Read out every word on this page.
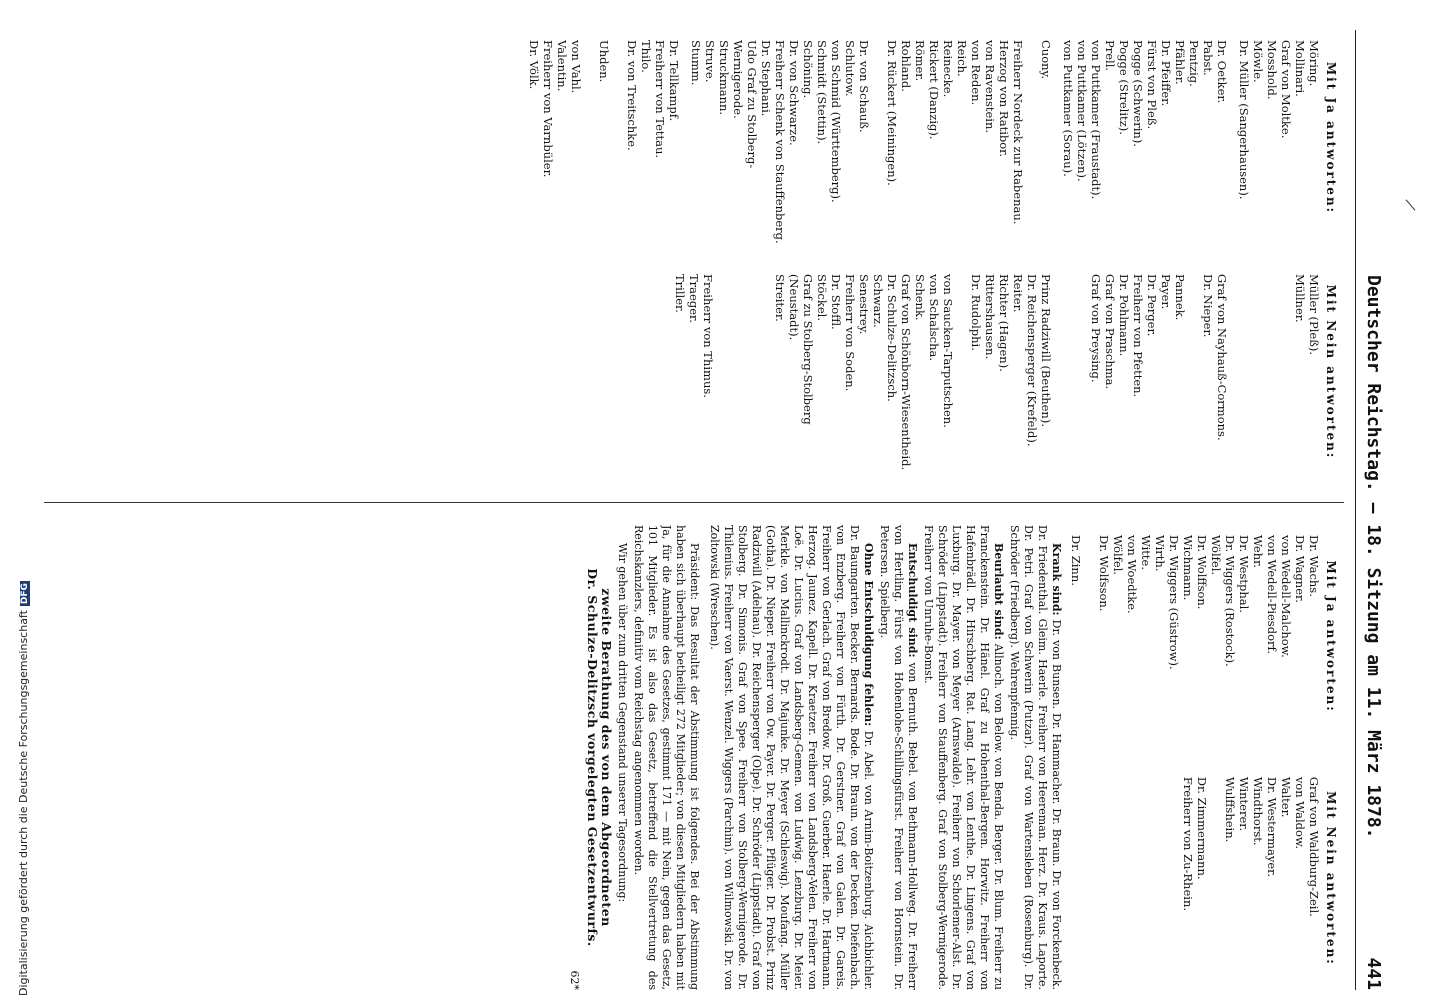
Deutscher Reichstag. — 18. Sitzung am 11. März 1878.
441
Mit Ja antworten:
Möring.
Mollinari.
Graf von Moltke.
Mosshold.
Möwle.
Dr. Müller (Sangerhausen).
Dr. Oetker.
Pabst.
Pentzig.
Pfähler.
Dr. Pfeiffer.
Fürst von Pleß.
Pogge (Schwerin).
Pogge (Strelitz).
Prell.
von Puttkamer (Fraustadt).
von Puttkamer (Lötzen).
von Puttkamer (Sorau).
Cuony.
Freiherr Nordeck zur Rabenau.
Herzog von Ratibor.
von Ravenstein.
von Reden.
Reich.
Reinecke.
Rickert (Danzig).
Römer.
Rohland.
Dr. Rückert (Meiningen).
Dr. von Schauß.
Schlutow.
von Schmid (Württemberg).
Schmidt (Stettin).
Schöning.
Dr. von Schwarze.
Freiherr Schenk von Stauffenberg.
Dr. Stephani.
Udo Graf zu Stolberg-Wernigerode.
Struckmann.
Struve.
Stumm.
Dr. Tellkampf.
Freiherr von Tettau.
Thilo.
Dr. von Treitschke.
Uhden.
von Vahl.
Valentin.
Freiherr von Varnbüler.
Dr. Völk.
Mit Nein antworten:
Müller (Pleß).
Müllner.
Graf von Nayhauß-Cormons.
Dr. Nieper.
Pannek.
Payer.
Dr. Perger.
Freiherr von Pfetten.
Dr. Pohlmann.
Graf von Praschma.
Graf von Preysing.
Prinz Radziwill (Beuthen).
Dr. Reichensperger (Krefeld).
Reiter.
Richter (Hagen).
Rittershausen.
Dr. Rudolphi.
von Saucken-Tarputschen.
von Schalscha.
Schenk.
Graf von Schönborn-Wiesentheid.
Dr. Schulze-Delitzsch.
Schwarz.
Senestrey.
Freiherr von Soden.
Dr. Stoffl.
Stöckel.
Graf zu Stolberg-Stolberg (Neustadt).
Streiter.
Freiherr von Thimus.
Traeger.
Triller.
Mit Ja antworten:
Dr. Wachs.
Dr. Wagner.
von Wedell-Malchow.
von Wedell-Piesdorf.
Wehr.
Dr. Westphal.
Dr. Wiggers (Rostock).
Wölfel.
Dr. Wolffson.
Wichmann.
Dr. Wiggers (Güstrow).
Wirth.
Witte.
von Woedtke.
Wölfel.
Dr. Wolfsson.
Dr. Zinn.
Mit Nein antworten:
Graf von Waldburg-Zeil.
von Waldow.
Walter.
Dr. Westermayer.
Windthorst.
Winterer.
Wulffshein.
Dr. Zimmermann.
Freiherr von Zu-Rhein.

Krank sind: Dr. von Bunsen. Dr. Hammacher. Dr. Braun. Dr. von Forckenbeck. Dr. Friedenthal. Gleim. Haerle. Freiherr von Heereman. Herz. Dr. Kraus. Laporte. Dr. Petri. Graf von Schwerin (Putzar). Graf von Wartensleben (Rosenburg). Dr. Schröder (Friedberg). Wehrenpfennig.

Beurlaubt sind: Allnoch. von Below. von Benda. Berger. Dr. Blum. Freiherr zu Franckenstein. Dr. Hänel. Graf zu Hohenthal-Bergen. Horwitz. Freiherr von Hafenbrädl. Dr. Hirschberg. Rat. Lang. Lehr. von Lenthe. Dr. Lingens. Graf von Luxburg. Dr. Mayer. von Meyer (Arnswalde). Freiherr von Schorlemer-Alst. Dr. Schröder (Lippstadt). Freiherr von Stauffenberg. Graf von Stolberg-Wernigerode. Freiherr von Unruhe-Bomst.

Entschuldigt sind: von Bernuth. Bebel. von Bethmann-Hollweg. Dr. Freiherr von Hertling. Fürst von Hohenlohe-Schillingsfürst. Freiherr von Hornstein. Dr. Petersen. Spielberg.

Ohne Entschuldigung fehlen: Dr. Abel. von Arnim-Boitzenburg. Aichbichler. Dr. Baumgarten. Becker. Bernards. Bode. Dr. Braun. von der Decken. Diefenbach. von Enzberg. Freiherr von Fürth. Dr. Gerstner. Graf von Galen. Dr. Gareis. Freiherr von Gerlach. Graf von Bredow. Dr. Groß. Guerber. Haerle. Dr. Hartmann. Herzog. Jaunez. Kapell. Dr. Kraetzer. Freiherr von Landsberg-Velen. Freiherr von Loë. Dr. Lucius. Graf von Landsberg-Gemen. von Ludwig. Lenzburg. Dr. Meier. Merkle. von Mallinckrodt. Dr. Majunke. Dr. Meyer (Schleswig). Moufang. Müller (Gotha). Dr. Nieper. Freiherr von Ow. Payer. Dr. Perger. Pflüger. Dr. Probst. Prinz Radziwill (Adelnau). Dr. Reichensperger (Olpe). Dr. Schröder (Lippstadt). Graf von Stolberg. Dr. Simonis. Graf von Spee. Freiherr von Stolberg-Wernigerode. Dr. Thilenius. Freiherr von Vaerst. Wenzel. Wiggers (Parchim). von Wilmowski. Dr. von Zoltowski (Wreschen).

Präsident: Das Resultat der Abstimmung ist folgendes. Bei der Abstimmung haben sich überhaupt betheiligt 272 Mitglieder; von diesen Mitgliedern haben mit Ja, für die Annahme des Gesetzes, gestimmt 171 — mit Nein, gegen das Gesetz, 101 Mitglieder. Es ist also das Gesetz, betreffend die Stellvertretung des Reichskanzlers, definitiv vom Reichstag angenommen worden.

Wir gehen über zum dritten Gegenstand unserer Tagesordnung:

zweite Berathung des von dem Abgeordneten
Dr. Schulze-Delitzsch vorgelegten Gesetzentwurfs.
62*
Digitalisierung gefördert durch die Deutsche ForschungsgemeinschaftDFG
